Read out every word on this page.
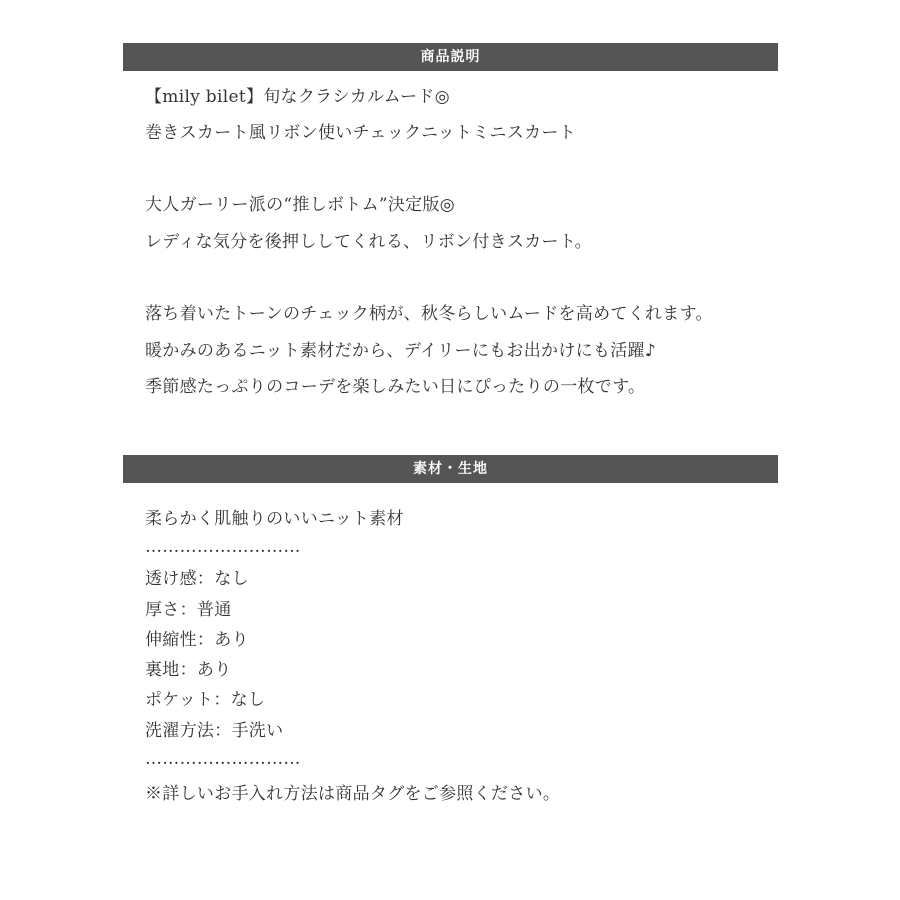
商品説明
【mily bilet】旬なクラシカルムード◎
巻きスカート風リボン使いチェックニットミニスカート
大人ガーリー派の“推しボトム”決定版◎
レディな気分を後押ししてくれる、リボン付きスカート。
落ち着いたトーンのチェック柄が、秋冬らしいムードを高めてくれます。
暖かみのあるニット素材だから、デイリーにもお出かけにも活躍♪
季節感たっぷりのコーデを楽しみたい日にぴったりの一枚です。
素材・生地
柔らかく肌触りのいいニット素材
………………………
透け感：なし
厚さ：普通
伸縮性：あり
裏地：あり
ポケット：なし
洗濯方法：手洗い
………………………
※詳しいお手入れ方法は商品タグをご参照ください。
